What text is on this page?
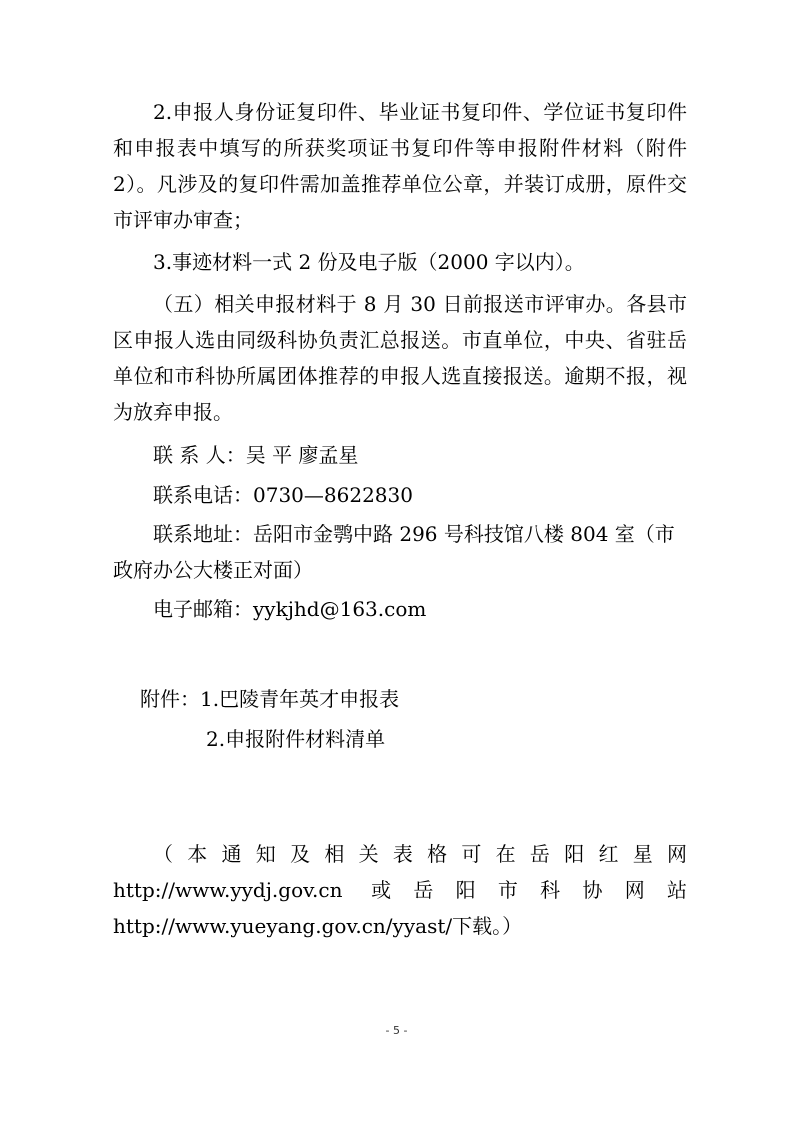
2.申报人身份证复印件、毕业证书复印件、学位证书复印件和申报表中填写的所获奖项证书复印件等申报附件材料（附件 2）。凡涉及的复印件需加盖推荐单位公章，并装订成册，原件交市评审办审查；

3.事迹材料一式 2 份及电子版（2000 字以内）。

（五）相关申报材料于 8 月 30 日前报送市评审办。各县市区申报人选由同级科协负责汇总报送。市直单位，中央、省驻岳单位和市科协所属团体推荐的申报人选直接报送。逾期不报，视为放弃申报。

联 系 人：吴 平 廖孟星

联系电话：0730—8622830

联系地址：岳阳市金鹗中路 296 号科技馆八楼 804 室（市政府办公大楼正对面）

电子邮箱：yykjhd@163.com

附件：1.巴陵青年英才申报表

2.申报附件材料清单

（本通知及相关表格可在岳阳红星网 http://www.yydj.gov.cn 或岳阳市科协网站 http://www.yueyang.gov.cn/yyast/下载。）

- 5 -
